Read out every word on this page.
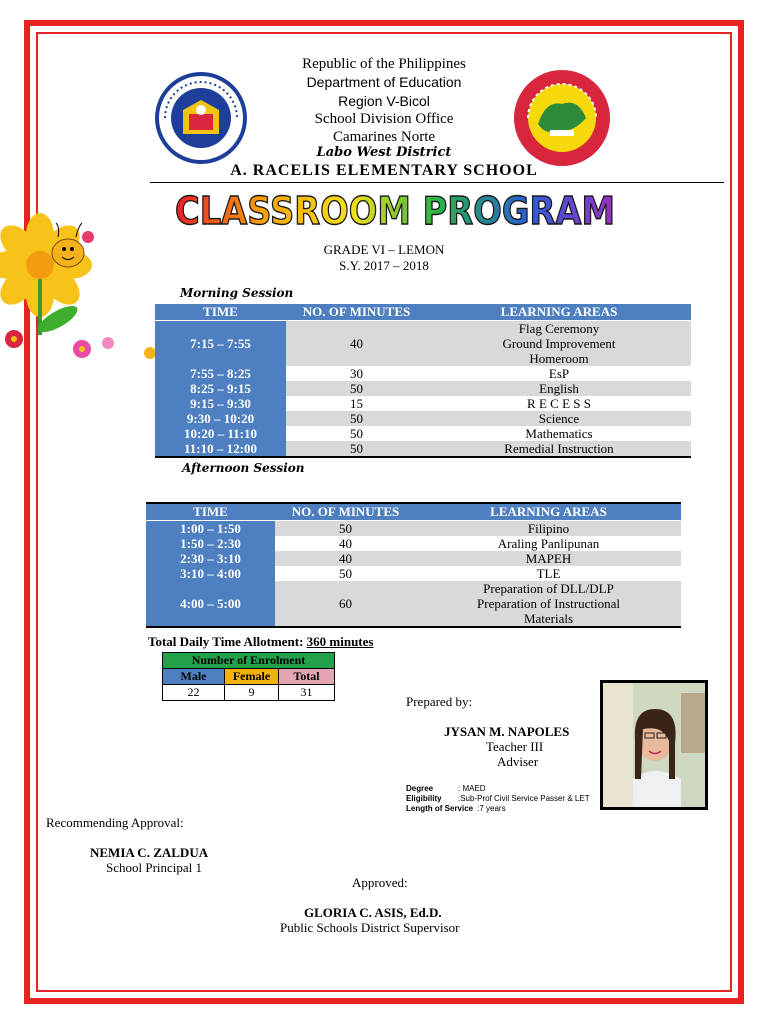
Republic of the Philippines
Department of Education
Region V-Bicol
School Division Office
Camarines Norte
Labo West District
A. RACELIS ELEMENTARY SCHOOL
CLASSROOM PROGRAM
GRADE VI – LEMON
S.Y. 2017 – 2018
Morning Session
TIME	NO. OF MINUTES	LEARNING AREAS
7:15 – 7:55	40	Flag Ceremony
Ground Improvement
Homeroom

7:55 – 8:25	30	EsP
8:25 – 9:15	50	English
9:15 – 9:30	15	R E C E S S
9:30 – 10:20	50	Science
10:20 – 11:10	50	Mathematics
11:10 – 12:00	50	Remedial Instruction
Afternoon Session
TIME	NO. OF MINUTES	LEARNING AREAS
1:00 – 1:50	50	Filipino
1:50 – 2:30	40	Araling Panlipunan
2:30 – 3:10	40	MAPEH
3:10 – 4:00	50	TLE
4:00 – 5:00	60	Preparation of DLL/DLP
Preparation of Instructional
Materials
Total Daily Time Allotment: 360 minutes
Number of Enrolment		
Male	Female	Total
22	9	31
Prepared by:
JYSAN M. NAPOLES
Teacher III
Adviser
Degree	: MAED
Eligibility :Sub-Prof Civil Service Passer & LET
Length of Service :7 years
Recommending Approval:
NEMIA C. ZALDUA
School Principal 1
Approved:
GLORIA C. ASIS, Ed.D.
Public Schools District Supervisor
